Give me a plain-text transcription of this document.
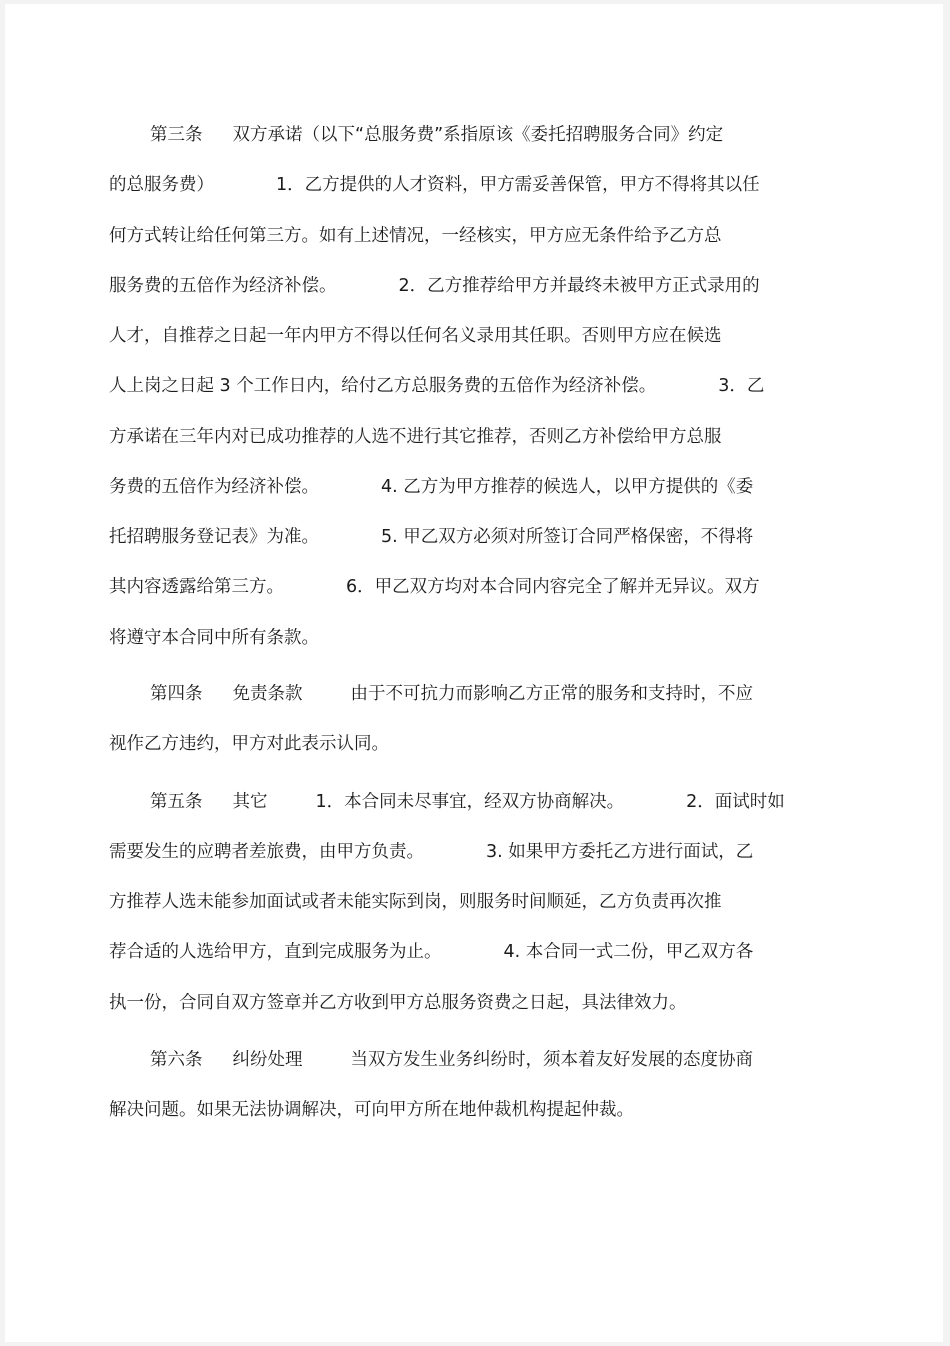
第三条 双方承诺（以下“总服务费”系指原该《委托招聘服务合同》约定
的总服务费）	1．乙方提供的人才资料，甲方需妥善保管，甲方不得将其以任
何方式转让给任何第三方。如有上述情况，一经核实，甲方应无条件给予乙方总
服务费的五倍作为经济补偿。	2．乙方推荐给甲方并最终未被甲方正式录用的
人才，自推荐之日起一年内甲方不得以任何名义录用其任职。否则甲方应在候选
人上岗之日起 3 个工作日内，给付乙方总服务费的五倍作为经济补偿。	3．乙
方承诺在三年内对已成功推荐的人选不进行其它推荐，否则乙方补偿给甲方总服
务费的五倍作为经济补偿。	4. 乙方为甲方推荐的候选人，以甲方提供的《委
托招聘服务登记表》为准。	5. 甲乙双方必须对所签订合同严格保密，不得将
其内容透露给第三方。	6．甲乙双方均对本合同内容完全了解并无异议。双方
将遵守本合同中所有条款。
第四条 免责条款	由于不可抗力而影响乙方正常的服务和支持时，不应
视作乙方违约，甲方对此表示认同。
第五条 其它	1．本合同未尽事宜，经双方协商解决。	2．面试时如
需要发生的应聘者差旅费，由甲方负责。	3. 如果甲方委托乙方进行面试，乙
方推荐人选未能参加面试或者未能实际到岗，则服务时间顺延，乙方负责再次推
荐合适的人选给甲方，直到完成服务为止。	4. 本合同一式二份，甲乙双方各
执一份，合同自双方签章并乙方收到甲方总服务资费之日起，具法律效力。
第六条 纠纷处理	当双方发生业务纠纷时，须本着友好发展的态度协商
解决问题。如果无法协调解决，可向甲方所在地仲裁机构提起仲裁。
